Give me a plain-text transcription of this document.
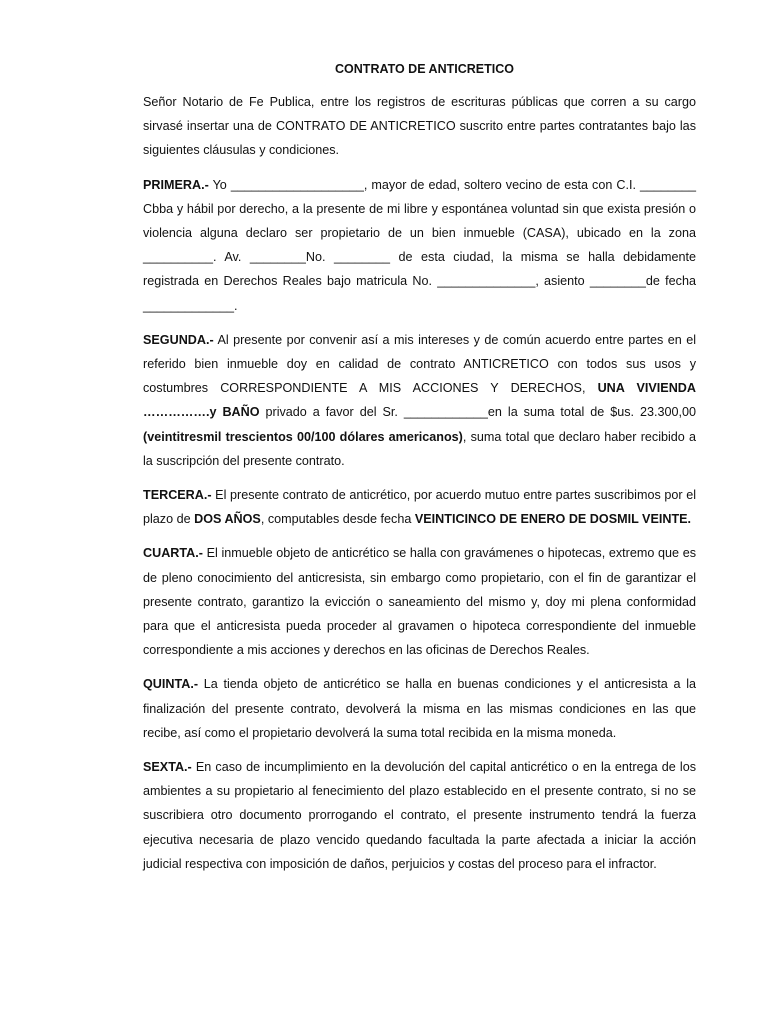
CONTRATO DE ANTICRETICO

Señor Notario de Fe Publica, entre los registros de escrituras públicas que corren a su cargo sirvasé insertar una de CONTRATO DE ANTICRETICO suscrito entre partes contratantes bajo las siguientes cláusulas y condiciones.

PRIMERA.- Yo ___________________, mayor de edad, soltero vecino de esta con C.I. ________ Cbba y hábil por derecho, a la presente de mi libre y espontánea voluntad sin que exista presión o violencia alguna declaro ser propietario de un bien inmueble (CASA), ubicado en la zona __________. Av. ________No. ________ de esta ciudad, la misma se halla debidamente registrada en Derechos Reales bajo matricula No. ______________, asiento ________de fecha _____________.

SEGUNDA.- Al presente por convenir así a mis intereses y de común acuerdo entre partes en el referido bien inmueble doy en calidad de contrato ANTICRETICO con todos sus usos y costumbres CORRESPONDIENTE A MIS ACCIONES Y DERECHOS, UNA VIVIENDA …………….y BAÑO privado a favor del Sr. ____________en la suma total de $us. 23.300,00 (veintitresmil trescientos 00/100 dólares americanos), suma total que declaro haber recibido a la suscripción del presente contrato.

TERCERA.- El presente contrato de anticrético, por acuerdo mutuo entre partes suscribimos por el plazo de DOS AÑOS, computables desde fecha VEINTICINCO DE ENERO DE DOSMIL VEINTE.

CUARTA.- El inmueble objeto de anticrético se halla con gravámenes o hipotecas, extremo que es de pleno conocimiento del anticresista, sin embargo como propietario, con el fin de garantizar el presente contrato, garantizo la evicción o saneamiento del mismo y, doy mi plena conformidad para que el anticresista pueda proceder al gravamen o hipoteca correspondiente del inmueble correspondiente a mis acciones y derechos en las oficinas de Derechos Reales.

QUINTA.- La tienda objeto de anticrético se halla en buenas condiciones y el anticresista a la finalización del presente contrato, devolverá la misma en las mismas condiciones en las que recibe, así como el propietario devolverá la suma total recibida en la misma moneda.

SEXTA.- En caso de incumplimiento en la devolución del capital anticrético o en la entrega de los ambientes a su propietario al fenecimiento del plazo establecido en el presente contrato, si no se suscribiera otro documento prorrogando el contrato, el presente instrumento tendrá la fuerza ejecutiva necesaria de plazo vencido quedando facultada la parte afectada a iniciar la acción judicial respectiva con imposición de daños, perjuicios y costas del proceso para el infractor.
